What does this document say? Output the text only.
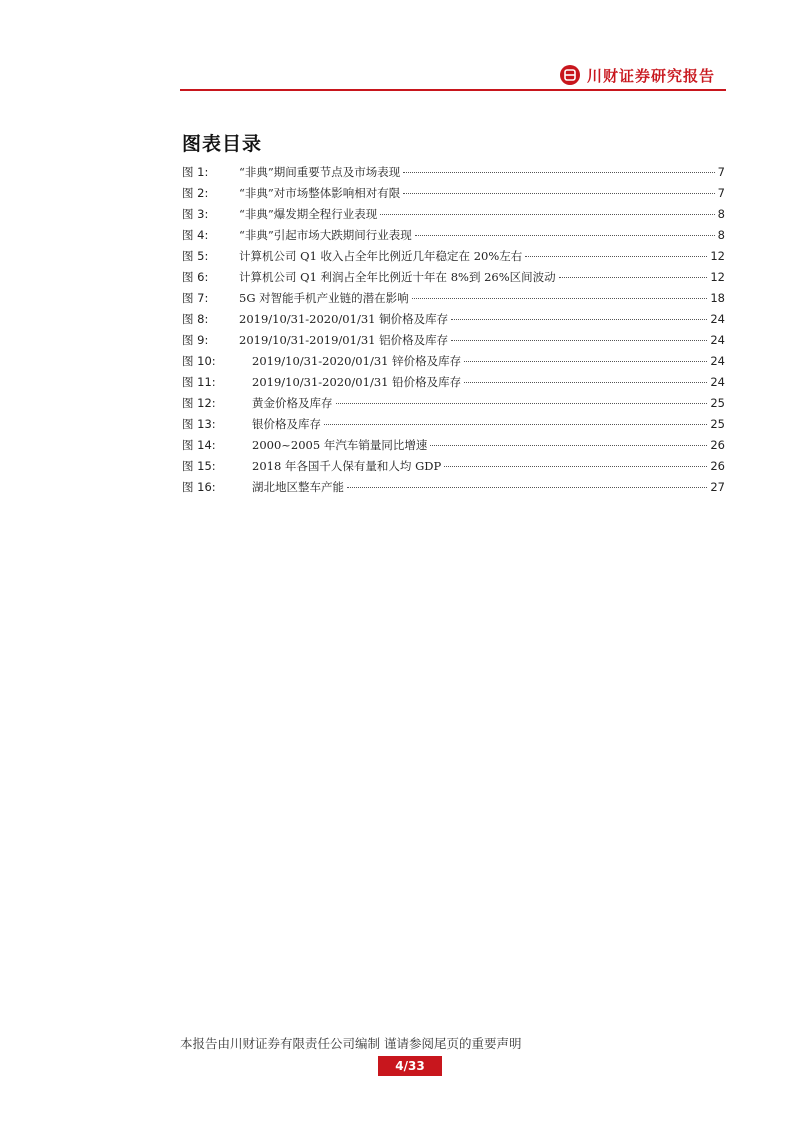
川财证券研究报告
图表目录
图 1:	“非典”期间重要节点及市场表现	7
图 2:	“非典”对市场整体影响相对有限	7
图 3:	“非典”爆发期全程行业表现	8
图 4:	“非典”引起市场大跌期间行业表现	8
图 5:	计算机公司 Q1 收入占全年比例近几年稳定在 20%左右	12
图 6:	计算机公司 Q1 利润占全年比例近十年在 8%到 26%区间波动	12
图 7:	5G 对智能手机产业链的潜在影响	18
图 8:	2019/10/31-2020/01/31 铜价格及库存	24
图 9:	2019/10/31-2019/01/31 铝价格及库存	24
图 10:	2019/10/31-2020/01/31 锌价格及库存	24
图 11:	2019/10/31-2020/01/31 铅价格及库存	24
图 12:	黄金价格及库存	25
图 13:	银价格及库存	25
图 14:	2000~2005 年汽车销量同比增速	26
图 15:	2018 年各国千人保有量和人均 GDP	26
图 16:	湖北地区整车产能	27
本报告由川财证券有限责任公司编制 谨请参阅尾页的重要声明
4/33
